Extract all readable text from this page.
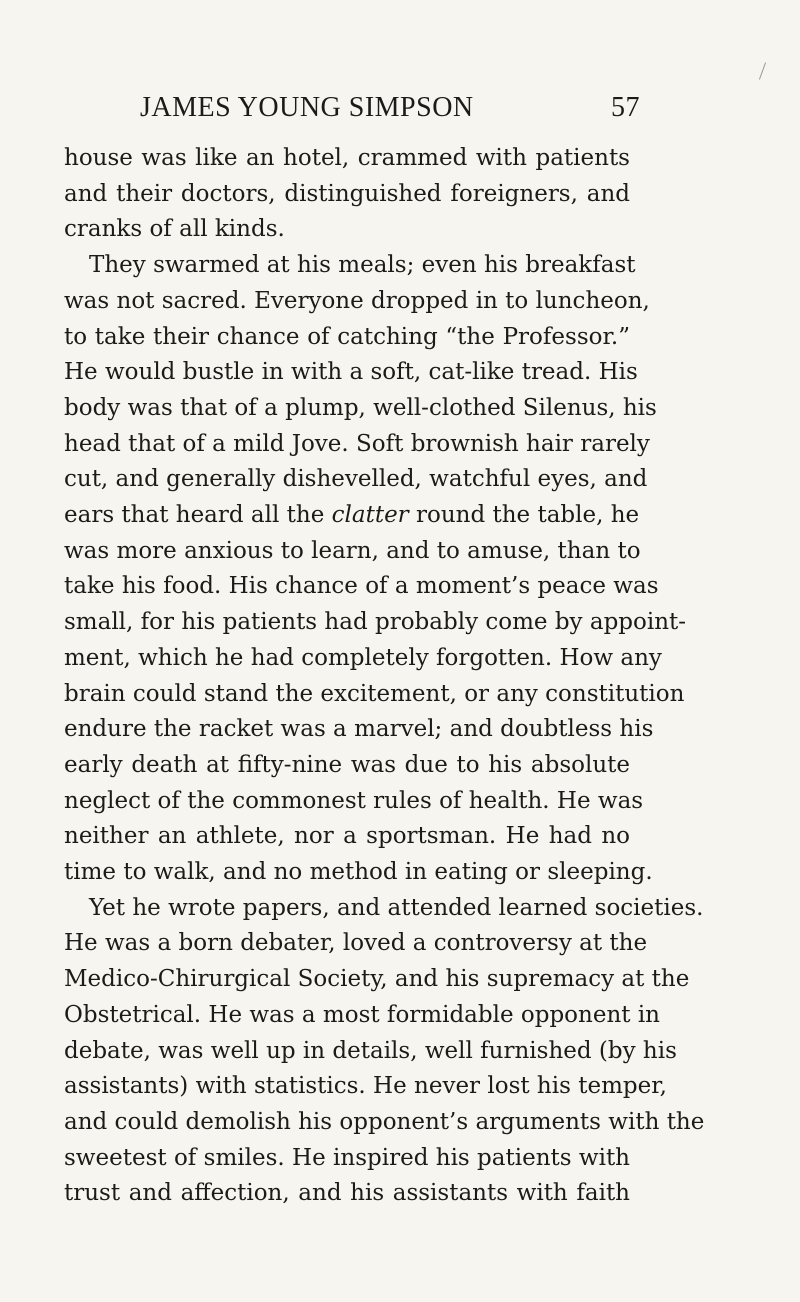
JAMES YOUNG SIMPSON	57
house was like an hotel, crammed with patients
and their doctors, distinguished foreigners, and
cranks of all kinds.
They swarmed at his meals; even his breakfast
was not sacred. Everyone dropped in to luncheon,
to take their chance of catching “the Professor.”
He would bustle in with a soft, cat-like tread. His
body was that of a plump, well-clothed Silenus, his
head that of a mild Jove. Soft brownish hair rarely
cut, and generally dishevelled, watchful eyes, and
ears that heard all the clatter round the table, he
was more anxious to learn, and to amuse, than to
take his food. His chance of a moment’s peace was
small, for his patients had probably come by appoint-
ment, which he had completely forgotten. How any
brain could stand the excitement, or any constitution
endure the racket was a marvel; and doubtless his
early death at fifty-nine was due to his absolute
neglect of the commonest rules of health. He was
neither an athlete, nor a sportsman. He had no
time to walk, and no method in eating or sleeping.
Yet he wrote papers, and attended learned societies.
He was a born debater, loved a controversy at the
Medico-Chirurgical Society, and his supremacy at the
Obstetrical. He was a most formidable opponent in
debate, was well up in details, well furnished (by his
assistants) with statistics. He never lost his temper,
and could demolish his opponent’s arguments with the
sweetest of smiles. He inspired his patients with
trust and affection, and his assistants with faith
